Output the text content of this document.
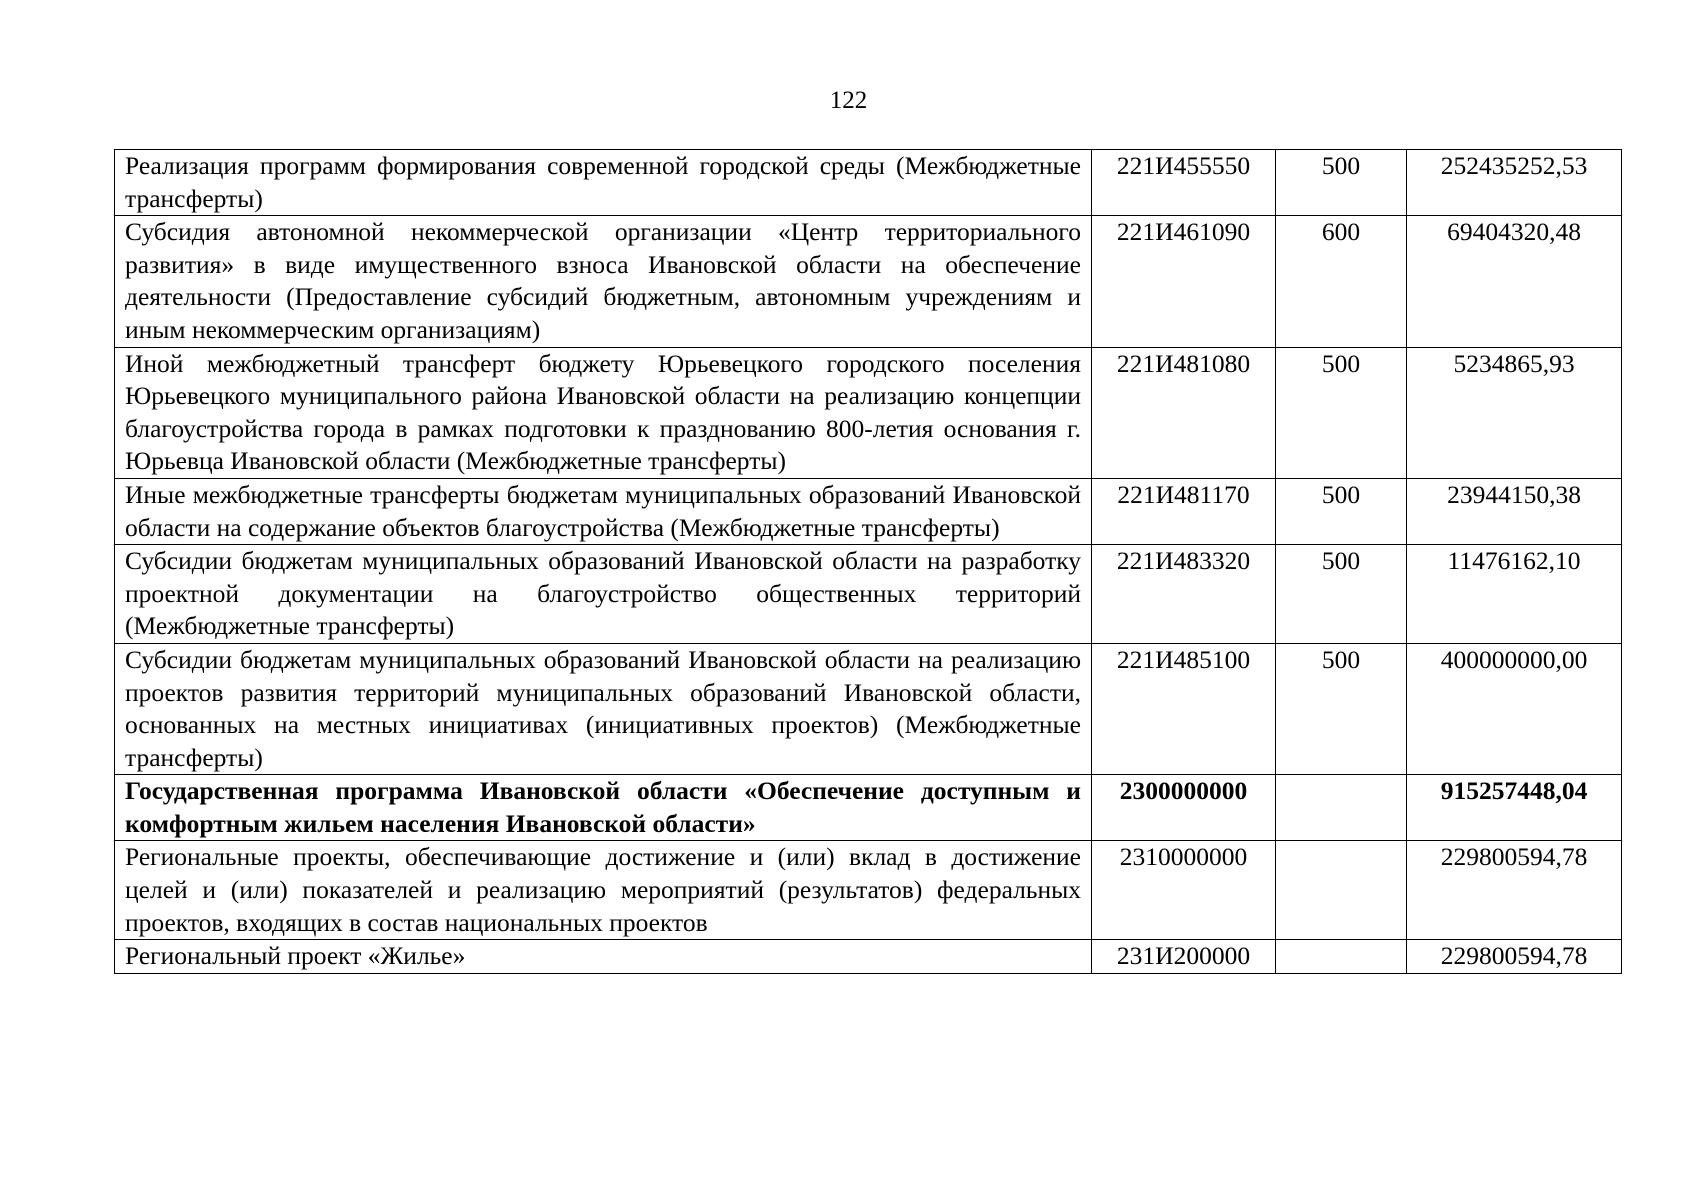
122
Реализация программ формирования современной городской среды (Межбюджетные трансферты)	221И455550	500	252435252,53
Субсидия автономной некоммерческой организации «Центр территориального развития» в виде имущественного взноса Ивановской области на обеспечение деятельности (Предоставление субсидий бюджетным, автономным учреждениям и иным некоммерческим организациям)	221И461090	600	69404320,48
Иной межбюджетный трансферт бюджету Юрьевецкого городского поселения Юрьевецкого муниципального района Ивановской области на реализацию концепции благоустройства города в рамках подготовки к празднованию 800-летия основания г. Юрьевца Ивановской области (Межбюджетные трансферты)	221И481080	500	5234865,93
Иные межбюджетные трансферты бюджетам муниципальных образований Ивановской области на содержание объектов благоустройства (Межбюджетные трансферты)	221И481170	500	23944150,38
Субсидии бюджетам муниципальных образований Ивановской области на разработку проектной документации на благоустройство общественных территорий (Межбюджетные трансферты)	221И483320	500	11476162,10
Субсидии бюджетам муниципальных образований Ивановской области на реализацию проектов развития территорий муниципальных образований Ивановской области, основанных на местных инициативах (инициативных проектов) (Межбюджетные трансферты)	221И485100	500	400000000,00
Государственная программа Ивановской области «Обеспечение доступным и комфортным жильем населения Ивановской области»	2300000000		915257448,04
Региональные проекты, обеспечивающие достижение и (или) вклад в достижение целей и (или) показателей и реализацию мероприятий (результатов) федеральных проектов, входящих в состав национальных проектов	2310000000		229800594,78
Региональный проект «Жилье»	231И200000		229800594,78
